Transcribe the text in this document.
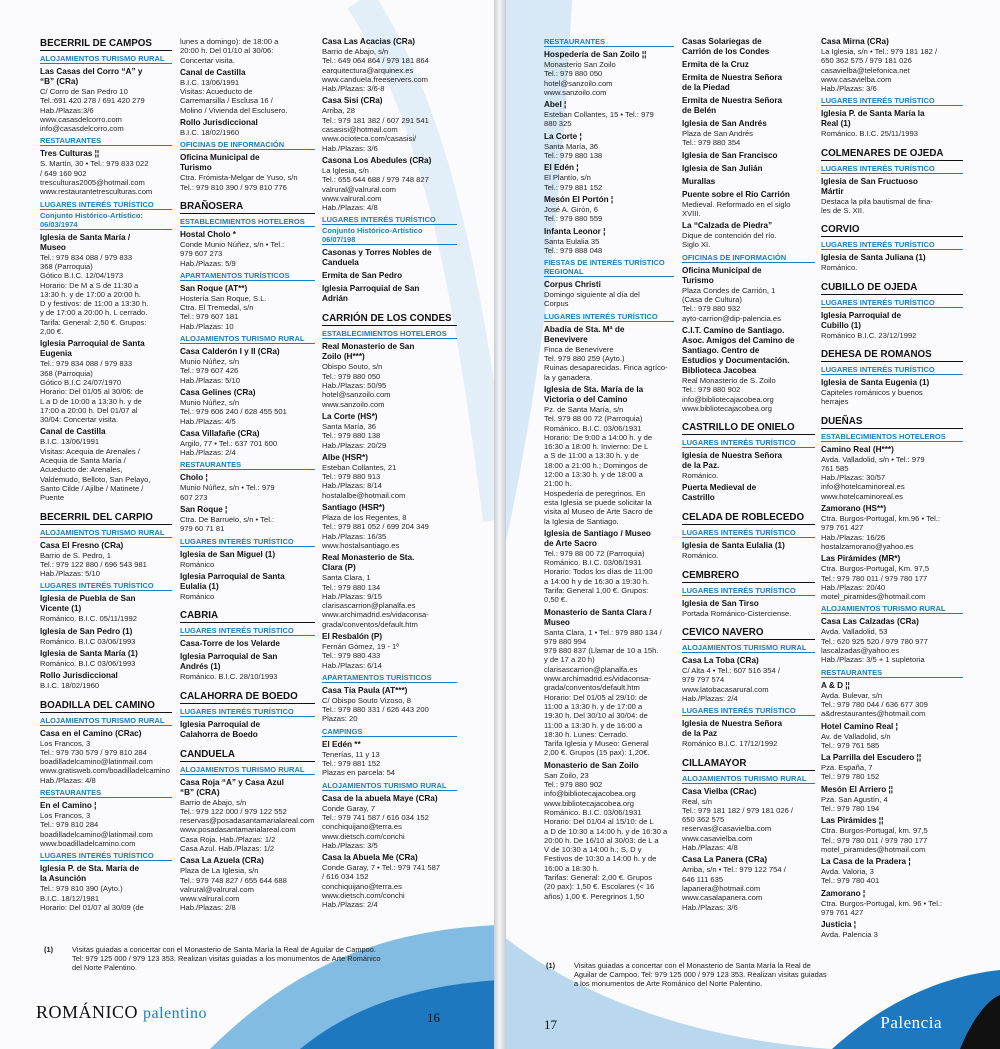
BECERRIL DE CAMPOS
ALOJAMIENTOS TURISMO RURAL
Las Casas del Corro “A” y
“B” (CRa)
C/ Corro de San Pedro 10
Tel.:691 420 278 / 691 420 279
Hab./Plazas:3/6
www.casasdelcorro.com
info@casasdelcorro.com
RESTAURANTES
Tres Culturas ¦¦
S. Martín, 30 • Tel.: 979 833 022
/ 649 160 902
tresculturas2005@hotmail.com
www.restaurantetresculturas.com
LUGARES INTERÉS TURÍSTICO
Conjunto Histórico-Artístico: 06/03/1974
Iglesia de Santa María /
Museo
Tel.: 979 834 088 / 979 833
368 (Parroquia)
Gótico B.I.C. 12/04/1973
Horario: De M a S de 11:30 a
13:30 h. y de 17:00 a 20:00 h.
D y festivos: de 11:00 a 13:30 h.
y de 17:00 a 20:00 h. L cerrado.
Tarifa: General: 2,50 €. Grupos:
2,00 €.
Iglesia Parroquial de Santa
Eugenia
Tel.: 979 834 088 / 979 833
368 (Parroquia)
Gótico B.I.C 24/07/1970
Horario: Del 01/05 al 30/06: de
L a D de 10:00 a 13:30 h. y de
17:00 a 20:00 h. Del 01/07 al
30/04: Concertar visita.
Canal de Castilla
B.I.C. 13/06/1991
Visitas: Acequia de Arenales /
Acequia de Santa María /
Acueducto de: Arenales,
Valdemudo, Belloto, San Pelayo,
Santo Cilde / Ajilbe / Matinete /
Puente
BECERRIL DEL CARPIO
ALOJAMIENTOS TURISMO RURAL
Casa El Fresno (CRa)
Barrio de S. Pedro, 1
Tel.: 979 122 880 / 696 543 981
Hab./Plazas: 5/10
LUGARES INTERÉS TURÍSTICO
Iglesia de Puebla de San
Vicente (1)
Románico. B.I.C. 05/11/1992
Iglesia de San Pedro (1)
Románico. B.I.C 03/06/1993
Iglesia de Santa María (1)
Románico. B.I.C 03/06/1993
Rollo Jurisdiccional
B.I.C. 18/02/1960
BOADILLA DEL CAMINO
ALOJAMIENTOS TURISMO RURAL
Casa en el Camino (CRac)
Los Francos, 3
Tel.: 979 730 579 / 979 810 284
boadilladelcamino@latinmail.com
www.gratisweb.com/boadilladelcamino
Hab./Plazas: 4/8
RESTAURANTES
En el Camino ¦
Los Francos, 3
Tel.: 979 810 284
boadilladelcamino@latinmail.com
www.boadilladelcamino.com
LUGARES INTERÉS TURÍSTICO
Iglesia P. de Sta. María de
la Asunción
Tel.: 979 810 390 (Ayto.)
B.I.C. 18/12/1981
Horario: Del 01/07 al 30/09 (de
lunes a domingo): de 18:00 a
20:00 h. Del 01/10 al 30/06:
Concertar visita.
Canal de Castilla
B.I.C. 13/06/1991
Visitas: Acueducto de
Carremarsilla / Esclusa 16 /
Molino / Vivienda del Esclusero.
Rollo Jurisdiccional
B.I.C. 18/02/1960
OFICINAS DE INFORMACIÓN
Oficina Municipal de
Turismo
Ctra. Frómista-Melgar de Yuso, s/n
Tel.: 979 810 390 / 979 810 776
BRAÑOSERA
ESTABLECIMIENTOS HOTELEROS
Hostal Cholo *
Conde Munio Núñez, s/n • Tel.:
979 607 273
Hab./Plazas: 5/9
APARTAMENTOS TURÍSTICOS
San Roque (AT**)
Hostería San Roque, S.L.
Ctra. El Tremedal, s/n
Tel.: 979 607 181
Hab./Plazas: 10
ALOJAMIENTOS TURISMO RURAL
Casa Calderón I y II (CRa)
Munio Núñez, s/n
Tel.: 979 607 426
Hab./Plazas: 5/10
Casa Gelines (CRa)
Munio Núñez, s/n
Tel.: 979 606 240 / 628 455 501
Hab./Plazas: 4/5
Casa Villafañe (CRa)
Argilo, 77 • Tel.: 637 701 600
Hab./Plazas: 2/4
RESTAURANTES
Cholo ¦
Munio Núñez, s/n • Tel.: 979
607 273
San Roque ¦
Ctra. De Barruelo, s/n • Tel.:
979 60 71 81
LUGARES INTERÉS TURÍSTICO
Iglesia de San Miguel (1)
Románico
Iglesia Parroquial de Santa
Eulalia (1)
Románico
CABRIA
LUGARES INTERÉS TURÍSTICO
Casa-Torre de los Velarde
Iglesia Parroquial de San
Andrés (1)
Románico. B.I.C. 28/10/1993
CALAHORRA DE BOEDO
LUGARES INTERÉS TURÍSTICO
Iglesia Parroquial de
Calahorra de Boedo
CANDUELA
ALOJAMIENTOS TURISMO RURAL
Casa Roja “A” y Casa Azul
“B” (CRA)
Barrio de Abajo, s/n
Tel.: 979 122 000 / 979 122 552
reservas@posadasantamarialareal.com
www.posadasantamarialareal.com
Casa Roja. Hab./Plazas: 1/2
Casa Azul. Hab./Plazas: 1/2
Casa La Azuela (CRa)
Plaza de La Iglesia, s/n
Tel.: 979 748 827 / 655 644 688
valrural@valrural.com
www.valrural.com
Hab./Plazas: 2/8
Casa Las Acacias (CRa)
Barrio de Abajo, s/n
Tel.: 649 064 864 / 979 181 864
earquitectura@arquinex.es
www.candueIa.freeservers.com
Hab./Plazas: 3/6-8
Casa Sisi (CRa)
Arriba, 28
Tel.: 979 181 382 / 607 291 541
casasisi@hotmail.com
www.ocioteca.com/casasisi/
Hab./Plazas: 3/6
Casona Los Abedules (CRa)
La Iglesia, s/n
Tel.: 655 644 688 / 979 748 827
valrural@valrural.com
www.valrural.com
Hab./Plazas: 4/8
LUGARES INTERÉS TURÍSTICO
Conjunto Histórico-Artístico 06/07/198
Casonas y Torres Nobles de
Canduela
Ermita de San Pedro
Iglesia Parroquial de San
Adrián
CARRIÓN DE LOS CONDES
ESTABLECIMIENTOS HOTELEROS
Real Monasterio de San
Zoilo (H***)
Obispo Souto, s/n
Tel.: 979 880 050
Hab./Plazas: 50/95
hotel@sanzoilo.com
www.sanzoilo.com
La Corte (HS*)
Santa María, 36
Tel.: 979 880 138
Hab./Plazas: 20/29
Albe (HSR*)
Esteban Collantes, 21
Tel.: 979 880 913
Hab./Plazas: 8/14
hostalalbe@hotmail.com
Santiago (HSR*)
Plaza de los Regentes, 8
Tel.: 979 881 052 / 699 204 349
Hab./Plazas: 16/35
www.hostalsantiago.es
Real Monasterio de Sta.
Clara (P)
Santa Clara, 1
Tel.: 979 880 134
Hab./Plazas: 9/15
clarisascarrion@planalfa.es
www.archimadrid.es/vidaconsa-
grada/conventos/default.htm
El Resbalón (P)
Fernán Gómez, 19 - 1º
Tel.: 979 880 433
Hab./Plazas: 6/14
APARTAMENTOS TURÍSTICOS
Casa Tía Paula (AT***)
C/ Obispo Souto Vizoso, 8
Tel.: 979 880 331 / 626 443 200
Plazas: 20
CAMPINGS
El Edén **
Tenerías, 11 y 13
Tel.: 979 881 152
Plazas en parcela: 54
ALOJAMIENTOS TURISMO RURAL
Casa de la abuela Maye (CRa)
Conde Garay, 7
Tel.: 979 741 587 / 616 034 152
conchiquijano@terra.es
www.dietsch.com/conchi
Hab./Plazas: 3/5
Casa la Abuela Me (CRa)
Conde Garay, 7 • Tel.: 979 741 587
/ 616 034 152
conchiquijano@terra.es
www.dietsch.com/conchi
Hab./Plazas: 2/4
(1)	Visitas guiadas a concertar con el Monasterio de Santa María la Real de Aguilar de Campoo.
Tel: 979 125 000 / 979 123 353. Realizan visitas guiadas a los monumentos de Arte Románico
del Norte Palentino.
ROMÁNICO palentino	16
RESTAURANTES
Hospedería de San Zoilo ¦¦
Monasterio San Zoilo
Tel.: 979 880 050
hotel@sanzoilo.com
www.sanzoilo.com
Abel ¦
Esteban Collantes, 15 • Tel.: 979
880 325
La Corte ¦
Santa María, 36
Tel.: 979 880 138
El Edén ¦
El Plantío, s/n
Tel.: 979 881 152
Mesón El Portón ¦
José A. Girón, 6
Tel.: 979 880 559
Infanta Leonor ¦
Santa Eulalia 35
Tel.: 979 888 048
FIESTAS DE INTERÉS TURÍSTICO REGIONAL
Corpus Christi
Domingo siguiente al día del
Corpus
LUGARES INTERÉS TURÍSTICO
Abadía de Sta. Mª de
Benevivere
Finca de Benevívere
Tel. 979 880 259 (Ayto.)
Ruinas desaparecidas. Finca agríco-
la y ganadera.
Iglesia de Sta. María de la
Victoria o del Camino
Pz. de Santa María, s/n
Tel. 979 88 00 72 (Parroquia)
Románico. B.I.C. 03/06/1931
Horario: De 9:00 a 14:00 h. y de
16:30 a 18:00 h. Invierno: De L
a S de 11:00 a 13:30 h. y de
18:00 a 21:00 h.; Domingos de
12:00 a 13:30 h. y de 18:00 a
21:00 h.
Hospedería de peregrinos. En
esta Iglesia se puede solicitar la
visita al Museo de Arte Sacro de
la Iglesia de Santiago.
Iglesia de Santiago / Museo
de Arte Sacro
Tel.: 979 88 00 72 (Parroquia)
Románico. B.I.C. 03/06/1931
Horario: Todos los días de 11:00
a 14:00 h y de 16:30 a 19:30 h.
Tarifa: General 1,00 €. Grupos:
0,50 €.
Monasterio de Santa Clara /
Museo
Santa Clara, 1 • Tel.: 979 880 134 /
979 880 994
979 880 837 (Llamar de 10 a 15h.
y de 17 a 20 h)
clarisascarrion@planalfa.es
www.archimadrid.es/vidaconsa-
grada/conventos/default.htm
Horario: Del 01/05 al 29/10: de
11:00 a 13:30 h. y de 17:00 a
19:30 h. Del 30/10 al 30/04: de
11:00 a 13:30 h. y de 16:00 a
18:30 h. Lunes: Cerrado.
Tarifa Iglesia y Museo: General
2,00 €. Grupos (15 pax): 1,20€.
Monasterio de San Zoilo
San Zoilo, 23
Tel.: 979 880 902
info@bibliotecajacobea.org
www.bibliotecajacobea.org
Románico. B.I.C. 03/06/1931
Horario: Del 01/04 al 15/10: de L
a D de 10:30 a 14:00 h. y de 16:30 a
20:00 h. De 16/10 al 30/03: de L a
V de 10:30 a 14:00 h.; S, D y
Festivos de 10:30 a 14:00 h. y de
16:00 a 18:30 h.
Tarifas: General: 2,00 €. Grupos
(20 pax): 1,50 €. Escolares (< 16
años) 1,00 €. Peregrinos 1,50
Casas Solariegas de
Carrión de los Condes
Ermita de la Cruz
Ermita de Nuestra Señora
de la Piedad
Ermita de Nuestra Señora
de Belén
Iglesia de San Andrés
Plaza de San Andrés
Tel.: 979 880 354
Iglesia de San Francisco
Iglesia de San Julián
Murallas
Puente sobre el Río Carrión
Medieval. Reformado en el siglo
XVIII.
La “Calzada de Piedra”
Dique de contención del río.
Siglo XI.
OFICINAS DE INFORMACIÓN
Oficina Municipal de
Turismo
Plaza Condes de Carrión, 1
(Casa de Cultura)
Tel.: 979 880 932
ayto-carrion@dip-palencia.es
C.I.T. Camino de Santiago.
Asoc. Amigos del Camino de
Santiago. Centro de
Estudios y Documentación.
Biblioteca Jacobea
Real Monasterio de S. Zoilo
Tel.: 979 880 902
info@bibliotecajacobea.org
www.bibliotecajacobea.org
CASTRILLO DE ONIELO
LUGARES INTERÉS TURÍSTICO
Iglesia de Nuestra Señora
de la Paz.
Románico.
Puerta Medieval de
Castrillo
CELADA DE ROBLECEDO
LUGARES INTERÉS TURÍSTICO
Iglesia de Santa Eulalia (1)
Románico.
CEMBRERO
LUGARES INTERÉS TURÍSTICO
Iglesia de San Tirso
Portada Románico-Cisterciense.
CEVICO NAVERO
ALOJAMIENTOS TURISMO RURAL
Casa La Toba (CRa)
C/ Alta 4 • Tel.: 607 516 354 /
979 797 574
www.latobacasarural.com
Hab./Plazas: 2/4
LUGARES INTERÉS TURÍSTICO
Iglesia de Nuestra Señora
de la Paz
Románico B.I.C. 17/12/1992
CILLAMAYOR
ALOJAMIENTOS TURISMO RURAL
Casa Vielba (CRac)
Real, s/n
Tel.: 979 181 182 / 979 181 026 /
650 362 575
reservas@casavielba.com
www.casavielba.com
Hab./Plazas: 4/8
Casa La Panera (CRa)
Arriba, s/n • Tel.: 979 122 754 /
646 111 635
lapanera@hotmail.com
www.casalapanera.com
Hab./Plazas: 3/6
Casa Mirna (CRa)
La Iglesia, s/n • Tel.: 979 181 182 /
650 362 575 / 979 181 026
casavielba@telefonica.net
www.casavielba.com
Hab./Plazas: 3/6
LUGARES INTERÉS TURÍSTICO
Iglesia P. de Santa María la
Real (1)
Románico. B.I.C. 25/11/1993
COLMENARES DE OJEDA
LUGARES INTERÉS TURÍSTICO
Iglesia de San Fructuoso
Mártir
Destaca la pila bautismal de fina-
les de S. XII.
CORVIO
LUGARES INTERÉS TURÍSTICO
Iglesia de Santa Juliana (1)
Románico.
CUBILLO DE OJEDA
LUGARES INTERÉS TURÍSTICO
Iglesia Parroquial de
Cubillo (1)
Románico B.I.C. 23/12/1992
DEHESA DE ROMANOS
LUGARES INTERÉS TURÍSTICO
Iglesia de Santa Eugenia (1)
Capiteles románicos y buenos
herrajes
DUEÑAS
ESTABLECIMIENTOS HOTELEROS
Camino Real (H***)
Avda. Valladolid, s/n • Tel.: 979
761 585
Hab./Plazas: 30/57
info@hotelcaminoreal.es
www.hotelcaminoreal.es
Zamorano (HS**)
Ctra. Burgos-Portugal, km.96 • Tel.:
979 761 427
Hab./Plazas: 16/26
hostalzamorano@yahoo.es
Las Pirámides (MR*)
Ctra. Burgos-Portugal, Km. 97,5
Tel.: 979 780 011 / 979 780 177
Hab./Plazas: 20/40
motel_piramides@hotmail.com
ALOJAMIENTOS TURISMO RURAL
Casa Las Calzadas (CRa)
Avda. Valladolid, 53
Tel.: 620 925 520 / 979 780 977
lascalzadas@yahoo.es
Hab./Plazas: 3/5 + 1 supletoria
RESTAURANTES
A & D ¦¦
Avda. Bulevar, s/n
Tel.: 979 780 044 / 636 677 309
a&drestaurantes@hotmail.com
Hotel Camino Real ¦
Av. de Valladolid, s/n
Tel.: 979 761 585
La Parrilla del Escudero ¦¦
Pza. España, 7
Tel.: 979 780 152
Mesón El Arriero ¦¦
Pza. San Agustín, 4
Tel.: 979 780 194
Las Pirámides ¦¦
Ctra. Burgos-Portugal, km. 97,5
Tel.: 979 780 011 / 979 780 177
motel_piramides@hotmail.com
La Casa de la Pradera ¦
Avda. Valoria, 3
Tel.: 979 780 401
Zamorano ¦
Ctra. Burgos-Portugal, km. 96 • Tel.:
979 761 427
Justicia ¦
Avda. Palencia 3
(1)	Visitas guiadas a concertar con el Monasterio de Santa María la Real de
Aguilar de Campoo. Tel: 979 125 000 / 979 123 353. Realizan visitas guiadas
a los monumentos de Arte Románico del Norte Palentino.
17	Palencia
